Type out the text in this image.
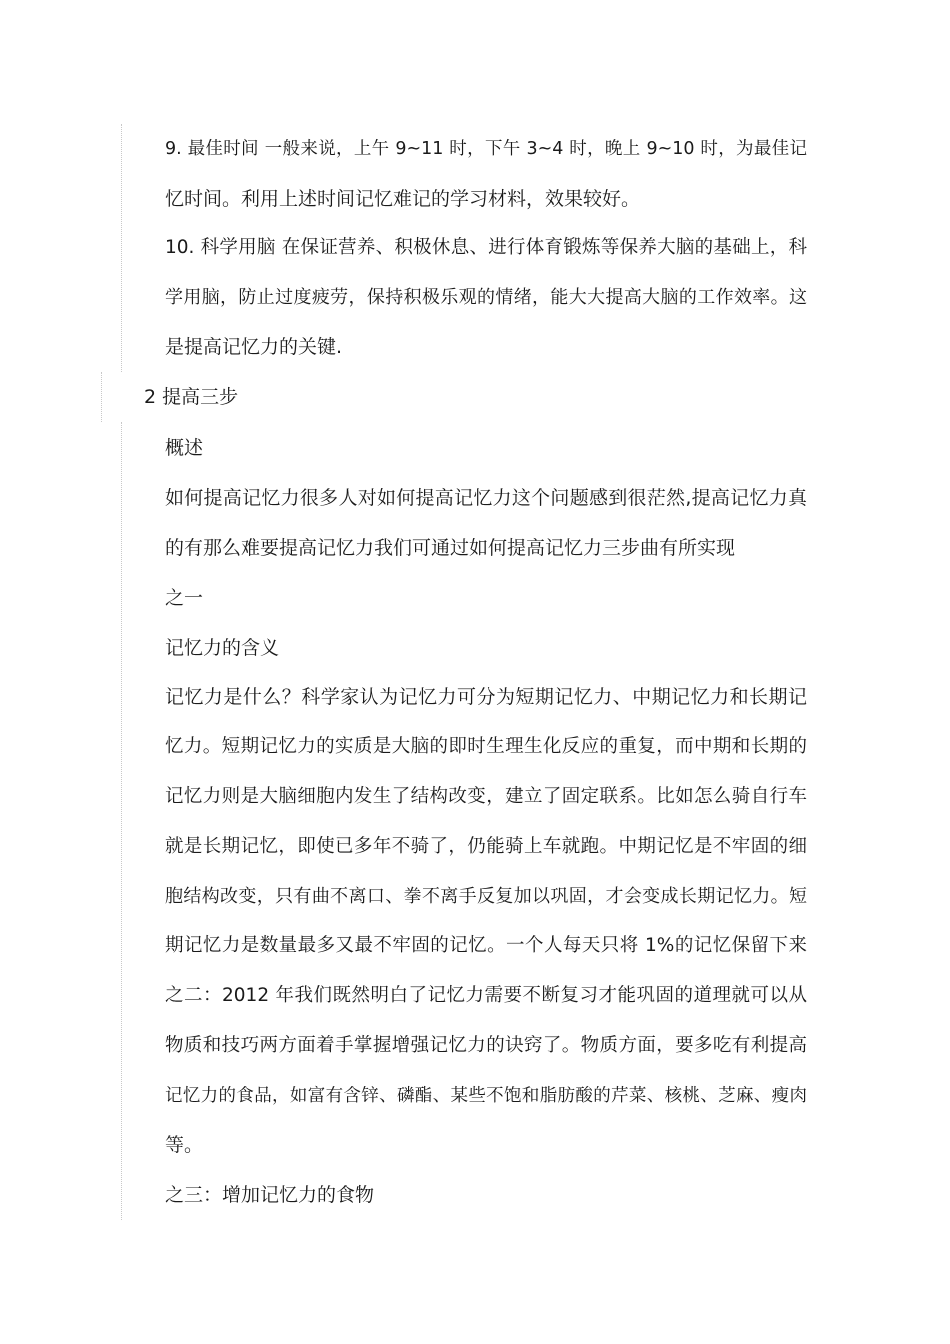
9. 最佳时间 一般来说，上午 9~11 时，下午 3~4 时，晚上 9~10 时，为最佳记
忆时间。利用上述时间记忆难记的学习材料，效果较好。
10. 科学用脑 在保证营养、积极休息、进行体育锻炼等保养大脑的基础上，科
学用脑，防止过度疲劳，保持积极乐观的情绪，能大大提高大脑的工作效率。这
是提高记忆力的关键.
2 提高三步
概述
如何提高记忆力很多人对如何提高记忆力这个问题感到很茫然,提高记忆力真
的有那么难要提高记忆力我们可通过如何提高记忆力三步曲有所实现
之一
记忆力的含义
记忆力是什么？科学家认为记忆力可分为短期记忆力、中期记忆力和长期记
忆力。短期记忆力的实质是大脑的即时生理生化反应的重复，而中期和长期的
记忆力则是大脑细胞内发生了结构改变，建立了固定联系。比如怎么骑自行车
就是长期记忆，即使已多年不骑了，仍能骑上车就跑。中期记忆是不牢固的细
胞结构改变，只有曲不离口、拳不离手反复加以巩固，才会变成长期记忆力。短
期记忆力是数量最多又最不牢固的记忆。一个人每天只将 1%的记忆保留下来
之二：2012 年我们既然明白了记忆力需要不断复习才能巩固的道理就可以从
物质和技巧两方面着手掌握增强记忆力的诀窍了。物质方面，要多吃有利提高
记忆力的食品，如富有含锌、磷酯、某些不饱和脂肪酸的芹菜、核桃、芝麻、瘦肉
等。
之三：增加记忆力的食物
